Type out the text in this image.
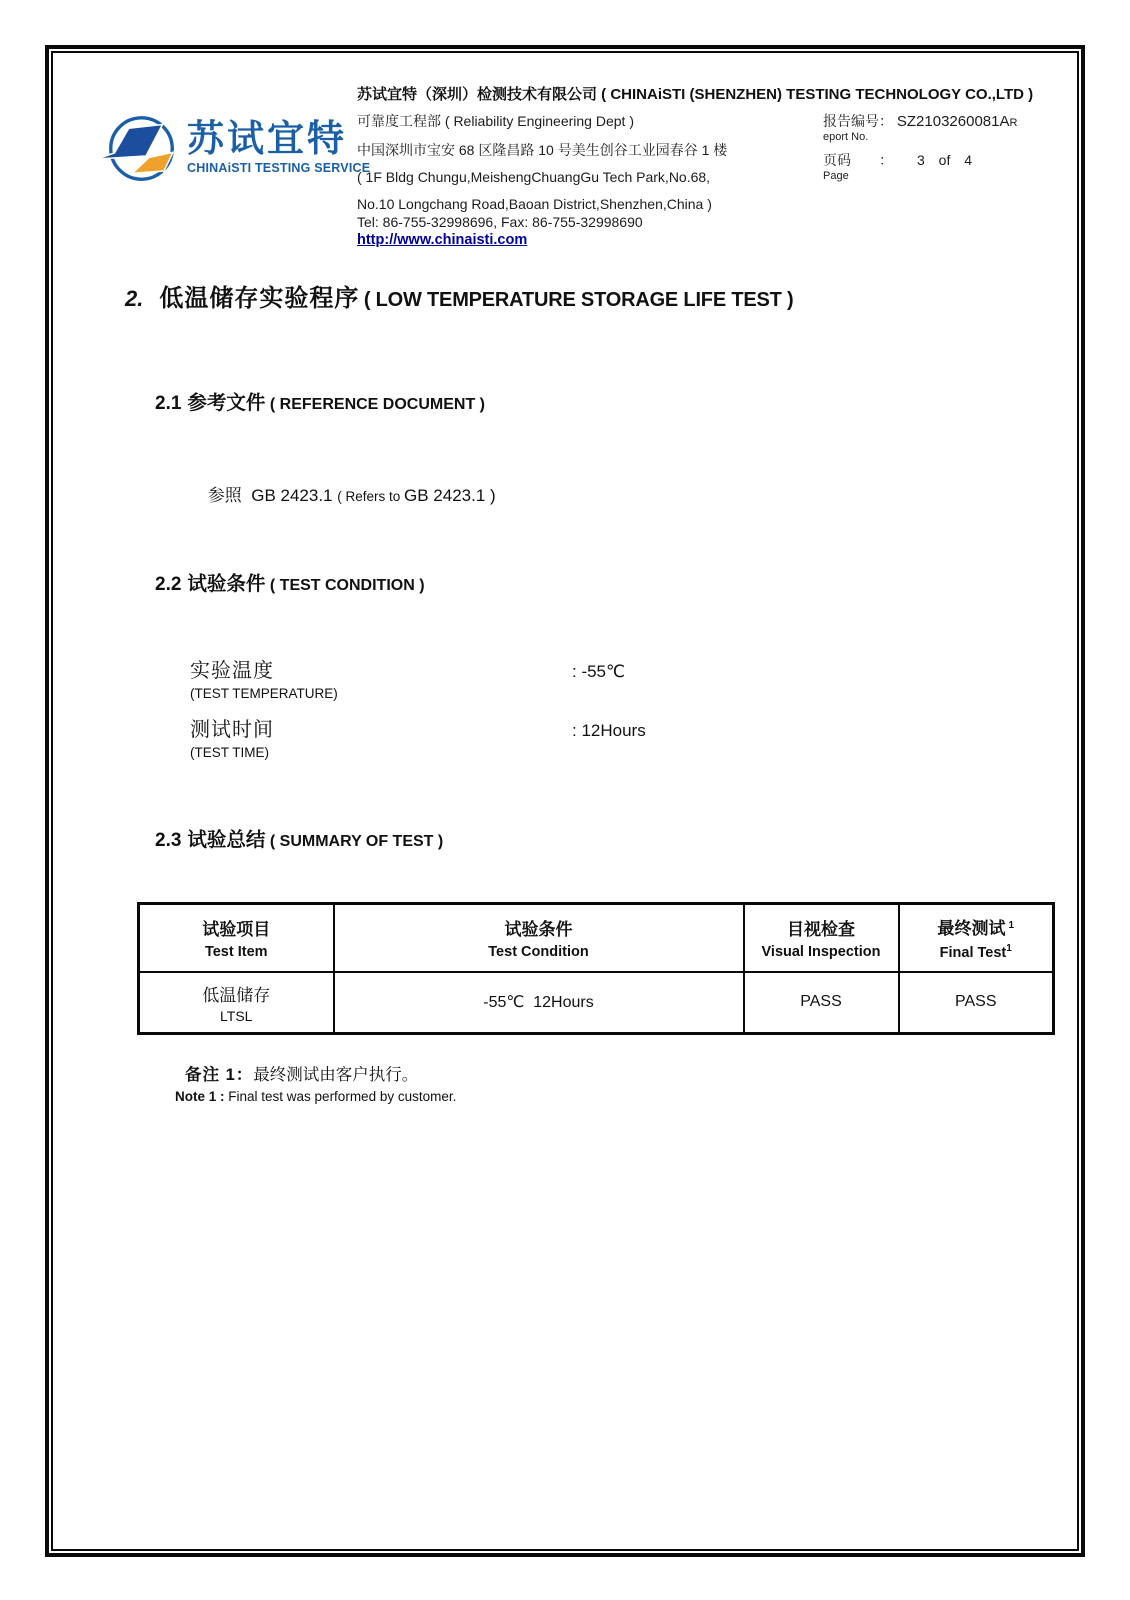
苏试宜特
CHINAiSTI TESTING SERVICE
苏试宜特（深圳）检测技术有限公司 ( CHINAiSTI (SHENZHEN) TESTING TECHNOLOGY CO.,LTD )
可靠度工程部 ( Reliability Engineering Dept )
中国深圳市宝安 68 区隆昌路 10 号美生创谷工业园春谷 1 楼
( 1F Bldg Chungu,MeishengChuangGu Tech Park,No.68,
No.10 Longchang Road,Baoan District,Shenzhen,China )
Tel: 86-755-32998696, Fax: 86-755-32998690
http://www.chinaisti.com
报告编号： SZ2103260081AR
eport No.
页码 ： 3 of 4
Page
2. 低温储存实验程序 ( LOW TEMPERATURE STORAGE LIFE TEST )
2.1 参考文件 ( REFERENCE DOCUMENT )

参照  GB 2423.1 ( Refers to GB 2423.1 )

2.2 试验条件 ( TEST CONDITION )
实验温度
(TEST TEMPERATURE)
: -55℃
测试时间
(TEST TIME)
: 12Hours
2.3 试验总结 ( SUMMARY OF TEST )
试验项目
Test Item	试验条件
Test Condition	目视检查
Visual Inspection	最终测试 $^1$
Final Test$^1$

低温储存
LTSL	-55℃  12Hours	PASS	PASS
备注 1：最终测试由客户执行。
Note 1 : Final test was performed by customer.
